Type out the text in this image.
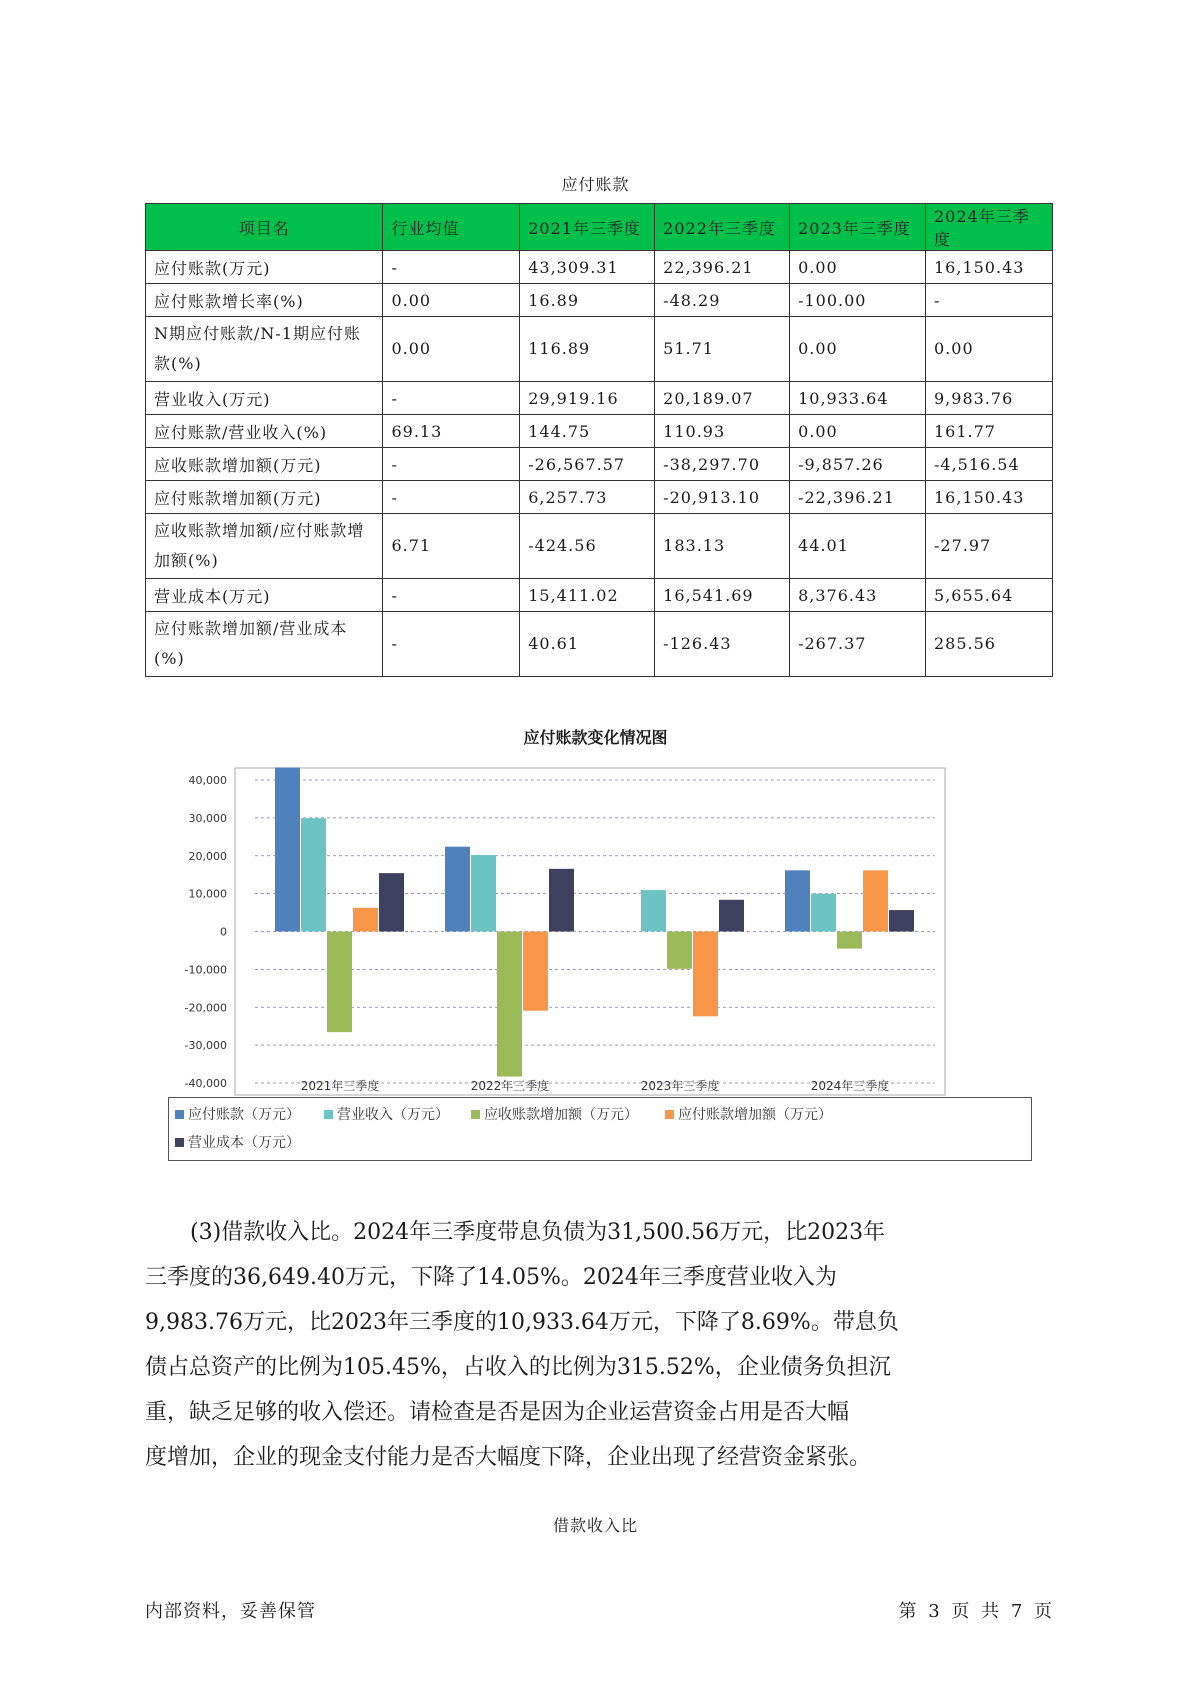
应付账款
项目名	行业均值	2021年三季度	2022年三季度	2023年三季度	2024年三季度
应付账款(万元)	-	43,309.31	22,396.21	0.00	16,150.43
应付账款增长率(%)	0.00	16.89	-48.29	-100.00	-
N期应付账款/N-1期应付账款(%)	0.00	116.89	51.71	0.00	0.00
营业收入(万元)	-	29,919.16	20,189.07	10,933.64	9,983.76
应付账款/营业收入(%)	69.13	144.75	110.93	0.00	161.77
应收账款增加额(万元)	-	-26,567.57	-38,297.70	-9,857.26	-4,516.54
应付账款增加额(万元)	-	6,257.73	-20,913.10	-22,396.21	16,150.43
应收账款增加额/应付账款增加额(%)	6.71	-424.56	183.13	44.01	-27.97
营业成本(万元)	-	15,411.02	16,541.69	8,376.43	5,655.64
应付账款增加额/营业成本(%)	-	40.61	-126.43	-267.37	285.56
应付账款变化情况图
40,000
30,000
20,000
10,000
0
-10,000
-20,000
-30,000
-40,000	2021年三季度	2022年三季度	2023年三季度	2024年三季度
应付账款（万元）	营业收入（万元）	应收账款增加额（万元）	应付账款增加额（万元）
营业成本（万元）
(3)借款收入比。2024年三季度带息负债为31,500.56万元，比2023年
三季度的36,649.40万元，下降了14.05%。2024年三季度营业收入为
9,983.76万元，比2023年三季度的10,933.64万元，下降了8.69%。带息负
债占总资产的比例为105.45%，占收入的比例为315.52%，企业债务负担沉
重，缺乏足够的收入偿还。请检查是否是因为企业运营资金占用是否大幅
度增加，企业的现金支付能力是否大幅度下降，企业出现了经营资金紧张。
借款收入比
内部资料，妥善保管	第 3 页 共 7 页
